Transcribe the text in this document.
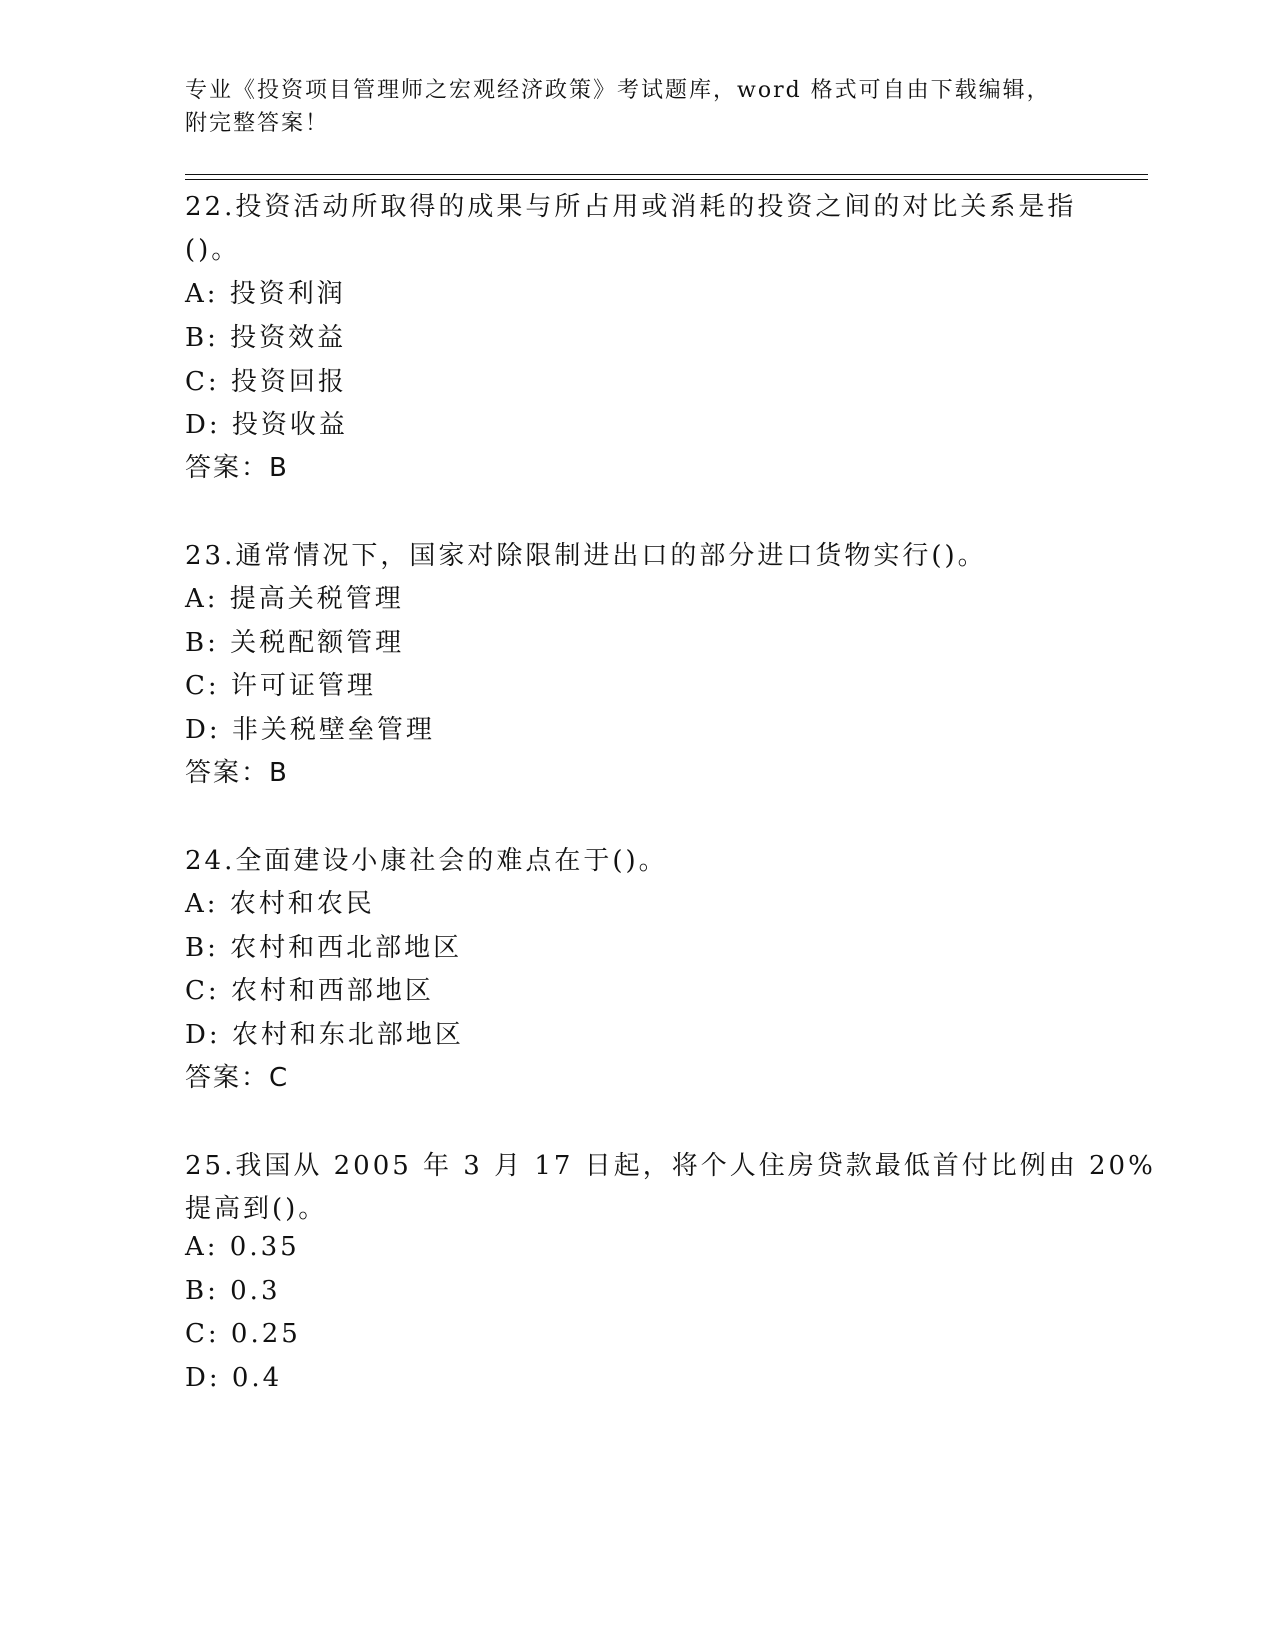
专业《投资项目管理师之宏观经济政策》考试题库，word 格式可自由下载编辑，
附完整答案！
22.投资活动所取得的成果与所占用或消耗的投资之间的对比关系是指
()。
A: 投资利润
B: 投资效益
C: 投资回报
D: 投资收益
答案：B
23.通常情况下，国家对除限制进出口的部分进口货物实行()。
A: 提高关税管理
B: 关税配额管理
C: 许可证管理
D: 非关税壁垒管理
答案：B
24.全面建设小康社会的难点在于()。
A: 农村和农民
B: 农村和西北部地区
C: 农村和西部地区
D: 农村和东北部地区
答案：C
25.我国从 2005 年 3 月 17 日起，将个人住房贷款最低首付比例由 20%
提高到()。
A: 0.35
B: 0.3
C: 0.25
D: 0.4
